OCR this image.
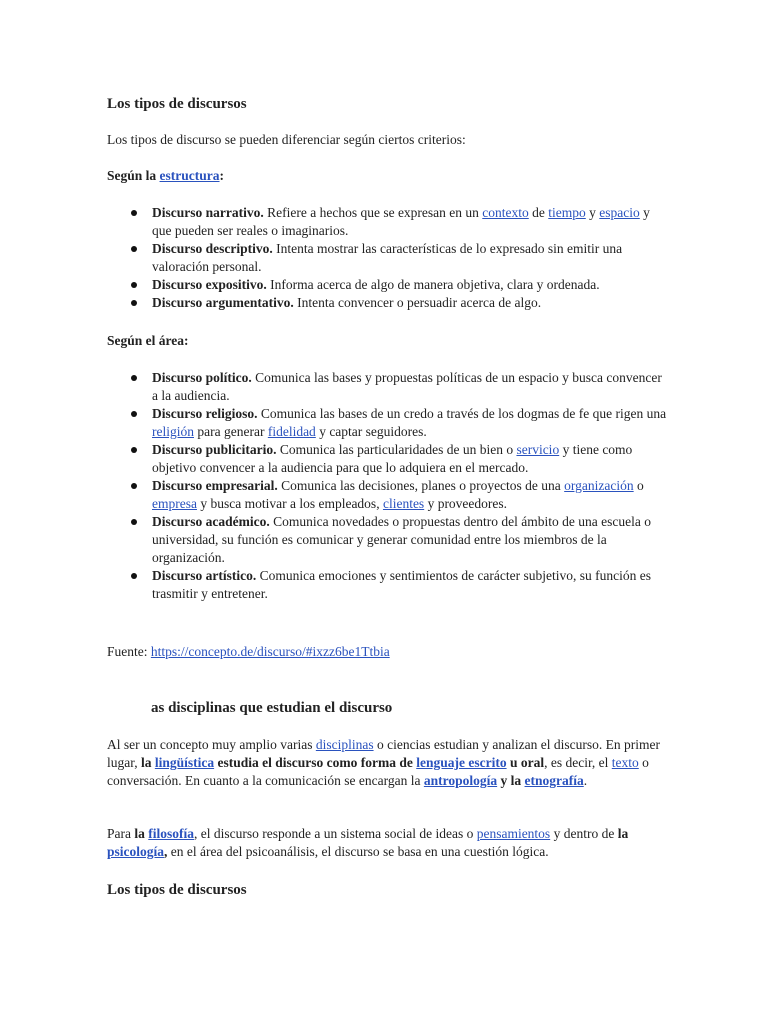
Los tipos de discursos

Los tipos de discurso se pueden diferenciar según ciertos criterios:

Según la estructura:

Discurso narrativo. Refiere a hechos que se expresan en un contexto de tiempo y espacio y que pueden ser reales o imaginarios.
Discurso descriptivo. Intenta mostrar las características de lo expresado sin emitir una valoración personal.
Discurso expositivo. Informa acerca de algo de manera objetiva, clara y ordenada.
Discurso argumentativo. Intenta convencer o persuadir acerca de algo.

Según el área:

Discurso político. Comunica las bases y propuestas políticas de un espacio y busca convencer a la audiencia.
Discurso religioso. Comunica las bases de un credo a través de los dogmas de fe que rigen una religión para generar fidelidad y captar seguidores.
Discurso publicitario. Comunica las particularidades de un bien o servicio y tiene como objetivo convencer a la audiencia para que lo adquiera en el mercado.
Discurso empresarial. Comunica las decisiones, planes o proyectos de una organización o empresa y busca motivar a los empleados, clientes y proveedores.
Discurso académico. Comunica novedades o propuestas dentro del ámbito de una escuela o universidad, su función es comunicar y generar comunidad entre los miembros de la organización.
Discurso artístico. Comunica emociones y sentimientos de carácter subjetivo, su función es trasmitir y entretener.

Fuente: https://concepto.de/discurso/#ixzz6be1Ttbia

as disciplinas que estudian el discurso

Al ser un concepto muy amplio varias disciplinas o ciencias estudian y analizan el discurso. En primer lugar, la lingüística estudia el discurso como forma de lenguaje escrito u oral, es decir, el texto o conversación. En cuanto a la comunicación se encargan la antropología y la etnografía.

Para la filosofía, el discurso responde a un sistema social de ideas o pensamientos y dentro de la psicología, en el área del psicoanálisis, el discurso se basa en una cuestión lógica.

Los tipos de discursos
